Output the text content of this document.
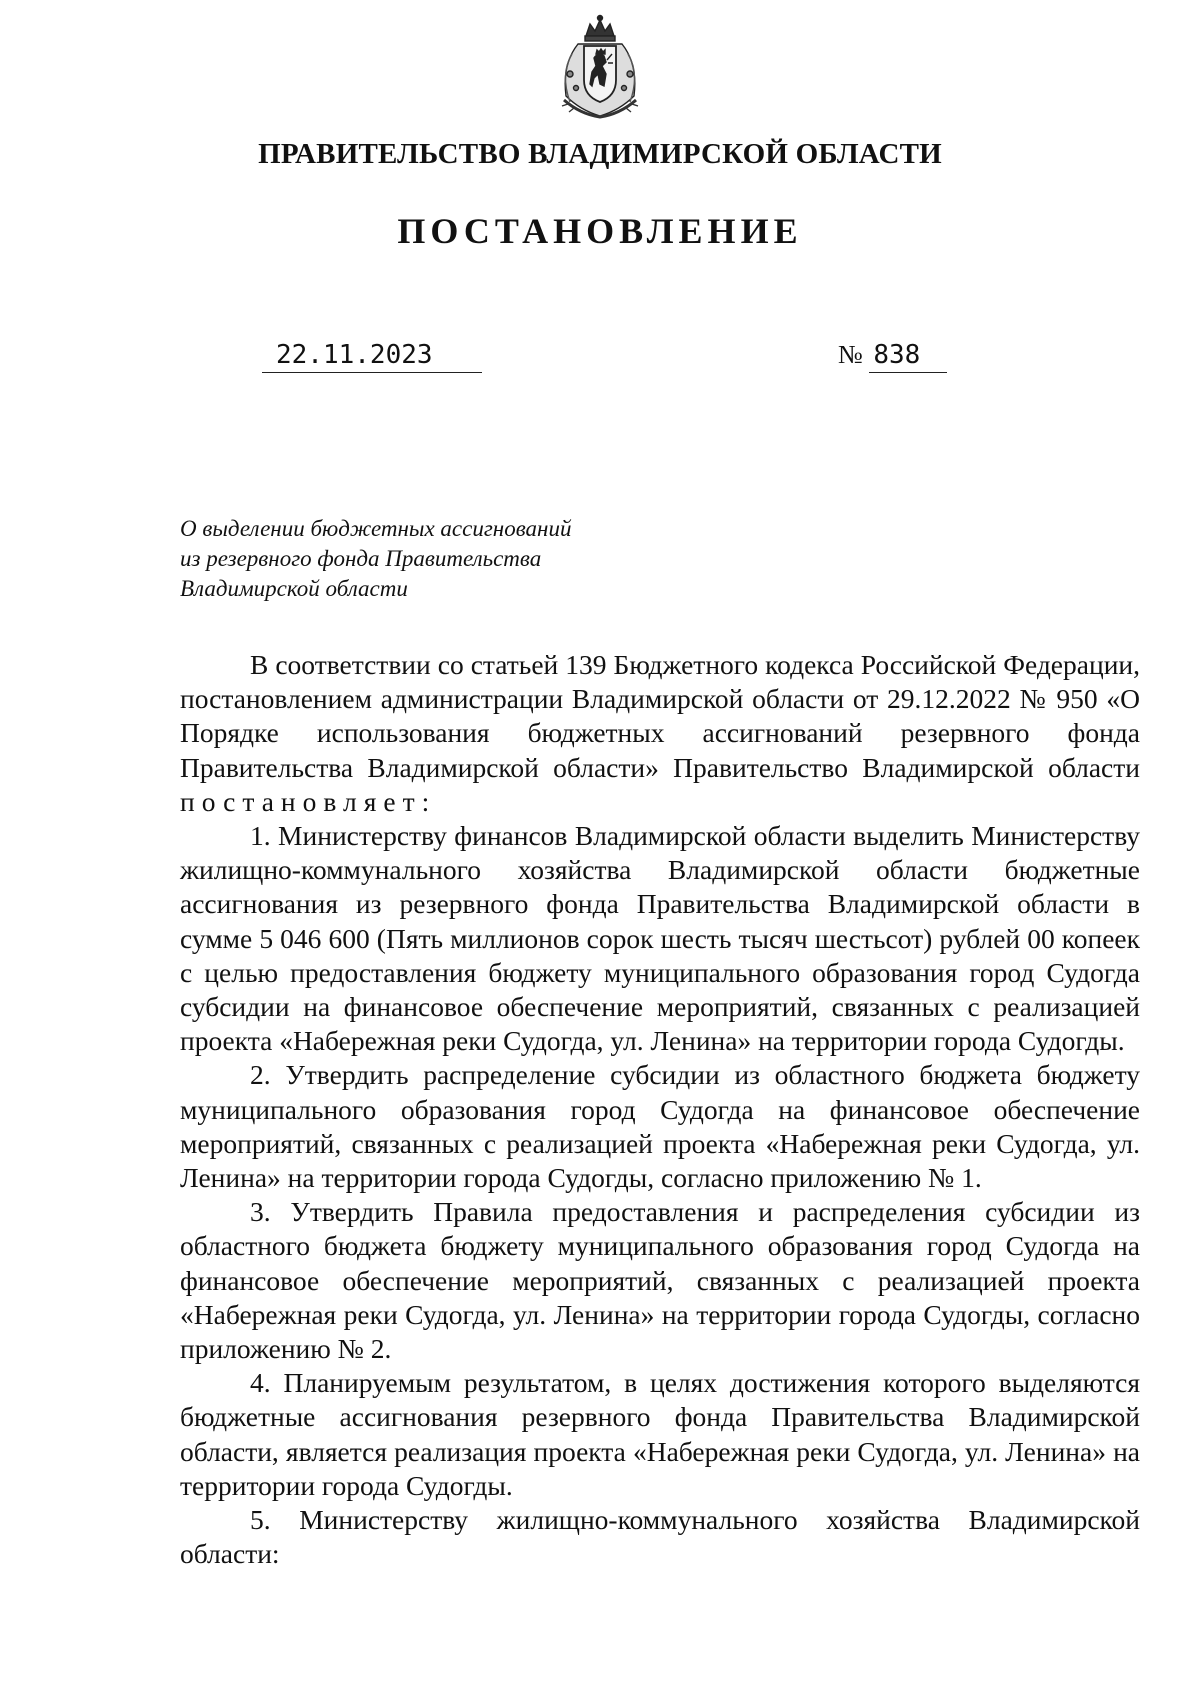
ПРАВИТЕЛЬСТВО ВЛАДИМИРСКОЙ ОБЛАСТИ
ПОСТАНОВЛЕНИЕ
22.11.2023	№ 838
О выделении бюджетных ассигнований
из резервного фонда Правительства
Владимирской области

В соответствии со статьей 139 Бюджетного кодекса Российской Федерации, постановлением администрации Владимирской области от 29.12.2022 № 950 «О Порядке использования бюджетных ассигнований резервного фонда Правительства Владимирской области» Правительство Владимирской области постановляет:

1. Министерству финансов Владимирской области выделить Министерству жилищно-коммунального хозяйства Владимирской области бюджетные ассигнования из резервного фонда Правительства Владимирской области в сумме 5 046 600 (Пять миллионов сорок шесть тысяч шестьсот) рублей 00 копеек с целью предоставления бюджету муниципального образования город Судогда субсидии на финансовое обеспечение мероприятий, связанных с реализацией проекта «Набережная реки Судогда, ул. Ленина» на территории города Судогды.

2. Утвердить распределение субсидии из областного бюджета бюджету муниципального образования город Судогда на финансовое обеспечение мероприятий, связанных с реализацией проекта «Набережная реки Судогда, ул. Ленина» на территории города Судогды, согласно приложению № 1.

3. Утвердить Правила предоставления и распределения субсидии из областного бюджета бюджету муниципального образования город Судогда на финансовое обеспечение мероприятий, связанных с реализацией проекта «Набережная реки Судогда, ул. Ленина» на территории города Судогды, согласно приложению № 2.

4. Планируемым результатом, в целях достижения которого выделяются бюджетные ассигнования резервного фонда Правительства Владимирской области, является реализация проекта «Набережная реки Судогда, ул. Ленина» на территории города Судогды.

5. Министерству жилищно-коммунального хозяйства Владимирской области:
